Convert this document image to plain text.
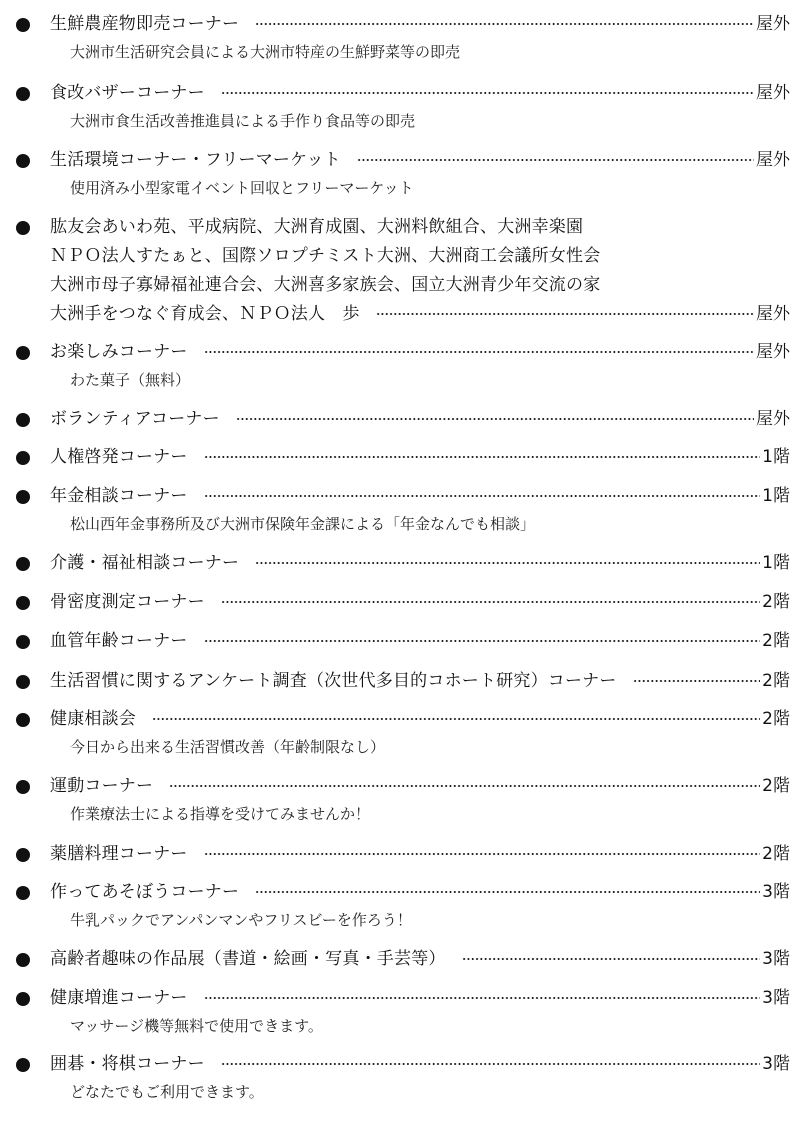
生鮮農産物即売コーナー	屋外
大洲市生活研究会員による大洲市特産の生鮮野菜等の即売
食改バザーコーナー	屋外
大洲市食生活改善推進員による手作り食品等の即売
生活環境コーナー・フリーマーケット	屋外
使用済み小型家電イベント回収とフリーマーケット
肱友会あいわ苑、平成病院、大洲育成園、大洲料飲組合、大洲幸楽園
ＮＰＯ法人すたぁと、国際ソロプチミスト大洲、大洲商工会議所女性会
大洲市母子寡婦福祉連合会、大洲喜多家族会、国立大洲青少年交流の家
大洲手をつなぐ育成会、ＮＰＯ法人　歩	屋外
お楽しみコーナー	屋外
わた菓子（無料）
ボランティアコーナー	屋外
人権啓発コーナー	1階
年金相談コーナー	1階
松山西年金事務所及び大洲市保険年金課による「年金なんでも相談」
介護・福祉相談コーナー	1階
骨密度測定コーナー	2階
血管年齢コーナー	2階
生活習慣に関するアンケート調査（次世代多目的コホート研究）コーナー	2階
健康相談会	2階
今日から出来る生活習慣改善（年齢制限なし）
運動コーナー	2階
作業療法士による指導を受けてみませんか！
薬膳料理コーナー	2階
作ってあそぼうコーナー	3階
牛乳パックでアンパンマンやフリスビーを作ろう！
高齢者趣味の作品展（書道・絵画・写真・手芸等）	3階
健康増進コーナー	3階
マッサージ機等無料で使用できます。
囲碁・将棋コーナー	3階
どなたでもご利用できます。
